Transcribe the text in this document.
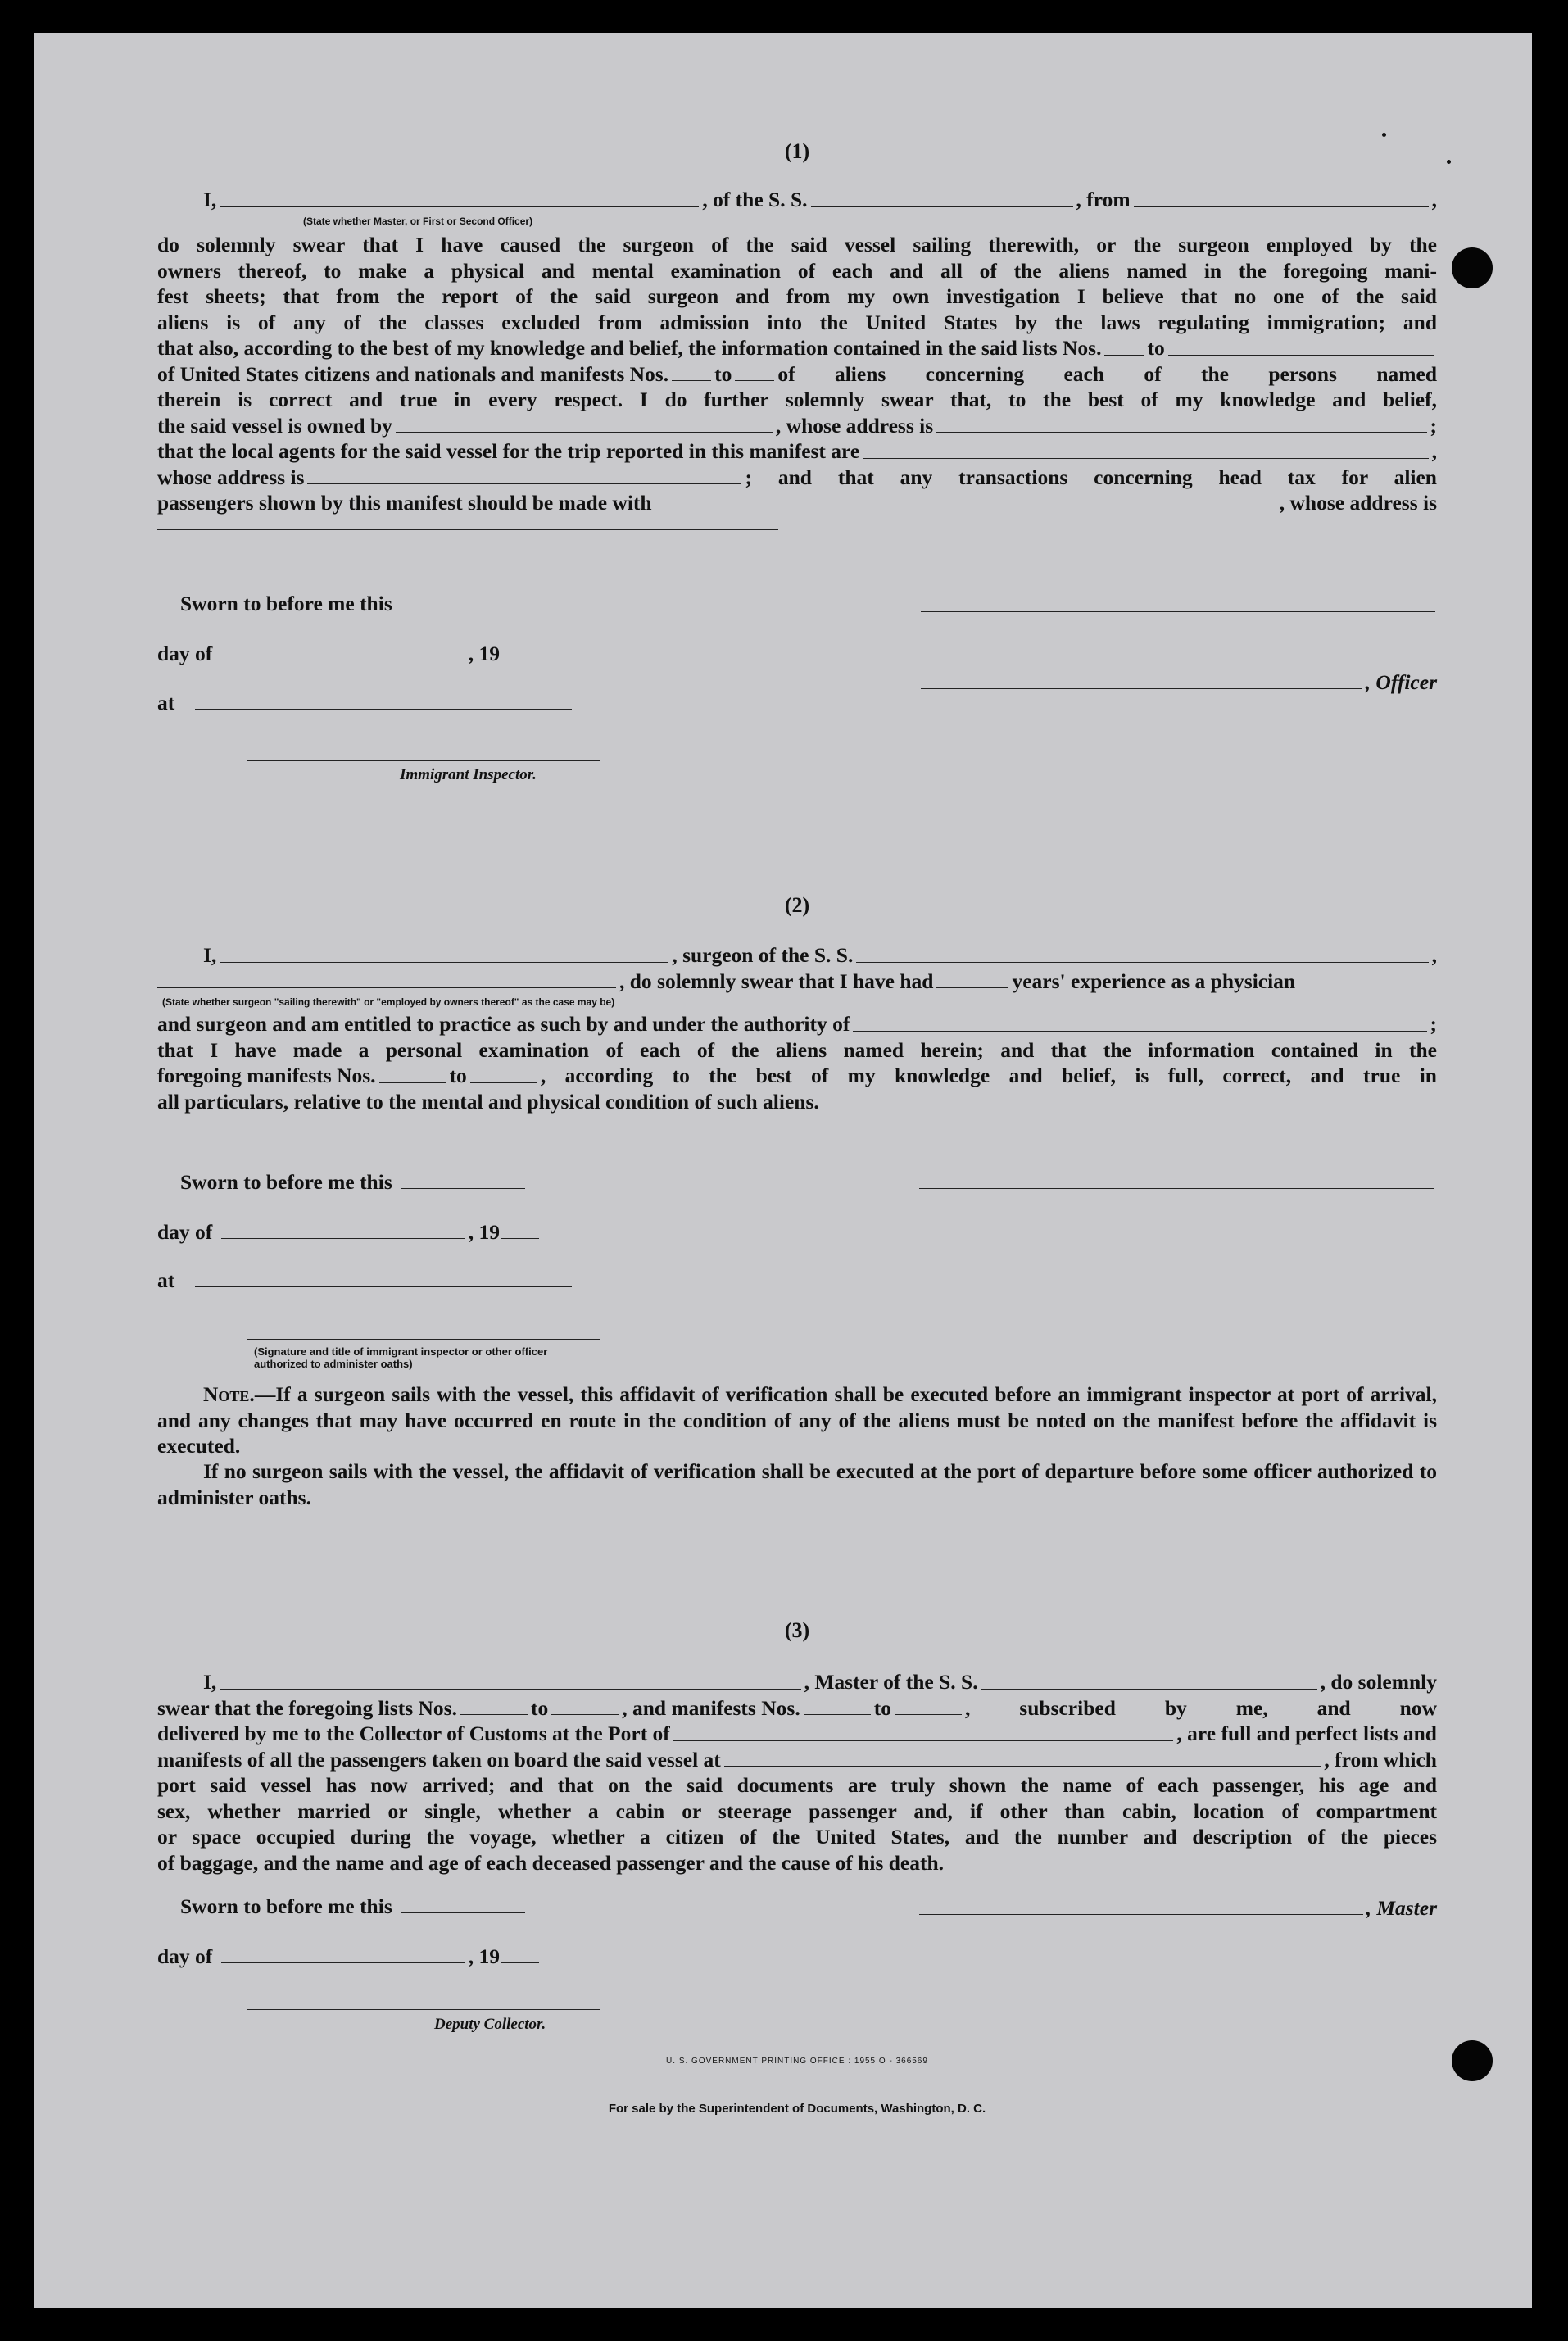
(1)
I,	, of the S. S.	, from	,
(State whether Master, or First or Second Officer)
do solemnly swear that I have caused the surgeon of the said vessel sailing therewith, or the surgeon employed by the
owners thereof, to make a physical and mental examination of each and all of the aliens named in the foregoing mani-
fest sheets; that from the report of the said surgeon and from my own investigation I believe that no one of the said
aliens is of any of the classes excluded from admission into the United States by the laws regulating immigration; and
that also, according to the best of my knowledge and belief, the information contained in the said lists Nos. to
of United States citizens and nationals and manifests Nos. to of aliens concerning each of the persons named
therein is correct and true in every respect. I do further solemnly swear that, to the best of my knowledge and belief,
the said vessel is owned by	, whose address is	;
that the local agents for the said vessel for the trip reported in this manifest are	,
whose address is	; and that any transactions concerning head tax for alien
passengers shown by this manifest should be made with	, whose address is
Sworn to before me this
day of	, 19
, Officer
at
Immigrant Inspector.
(2)
I,	, surgeon of the S. S.	,
, do solemnly swear that I have had	years' experience as a physician
(State whether surgeon "sailing therewith" or "employed by owners thereof" as the case may be)
and surgeon and am entitled to practice as such by and under the authority of	;
that I have made a personal examination of each of the aliens named herein; and that the information contained in the
foregoing manifests Nos.	to	, according to the best of my knowledge and belief, is full, correct, and true in
all particulars, relative to the mental and physical condition of such aliens.
Sworn to before me this
day of	, 19
at
(Signature and title of immigrant inspector or other officer authorized to administer oaths)
Note.—If a surgeon sails with the vessel, this affidavit of verification shall be executed before an immigrant inspector at port of arrival, and any changes that may have occurred en route in the condition of any of the aliens must be noted on the manifest before the affidavit is executed.
If no surgeon sails with the vessel, the affidavit of verification shall be executed at the port of departure before some officer authorized to administer oaths.
(3)
I,	, Master of the S. S.	, do solemnly
swear that the foregoing lists Nos.	to	, and manifests Nos.	to	, subscribed by me, and now
delivered by me to the Collector of Customs at the Port of	, are full and perfect lists and
manifests of all the passengers taken on board the said vessel at	, from which
port said vessel has now arrived; and that on the said documents are truly shown the name of each passenger, his age and
sex, whether married or single, whether a cabin or steerage passenger and, if other than cabin, location of compartment
or space occupied during the voyage, whether a citizen of the United States, and the number and description of the pieces
of baggage, and the name and age of each deceased passenger and the cause of his death.
Sworn to before me this	, Master
day of	, 19
Deputy Collector.
U. S. GOVERNMENT PRINTING OFFICE : 1955 O - 366569
For sale by the Superintendent of Documents, Washington, D. C.
